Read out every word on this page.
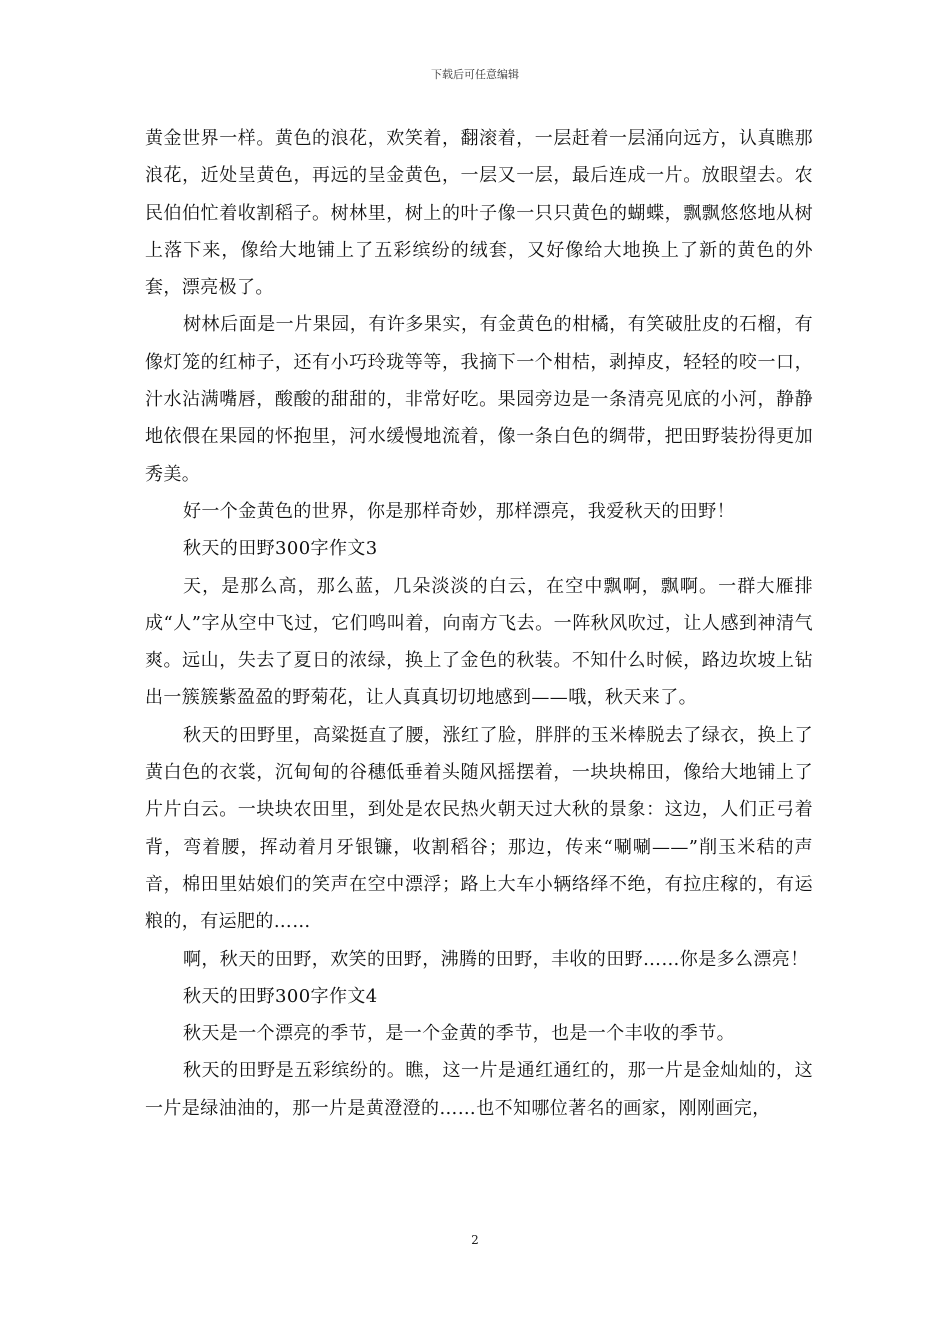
下载后可任意编辑

黄金世界一样。黄色的浪花，欢笑着，翻滚着，一层赶着一层涌向远方，认真瞧那浪花，近处呈黄色，再远的呈金黄色，一层又一层，最后连成一片。放眼望去。农民伯伯忙着收割稻子。树林里，树上的叶子像一只只黄色的蝴蝶，飘飘悠悠地从树上落下来，像给大地铺上了五彩缤纷的绒套，又好像给大地换上了新的黄色的外套，漂亮极了。

树林后面是一片果园，有许多果实，有金黄色的柑橘，有笑破肚皮的石榴，有像灯笼的红柿子，还有小巧玲珑等等，我摘下一个柑桔，剥掉皮，轻轻的咬一口，汁水沾满嘴唇，酸酸的甜甜的，非常好吃。果园旁边是一条清亮见底的小河，静静地依偎在果园的怀抱里，河水缓慢地流着，像一条白色的绸带，把田野装扮得更加秀美。

好一个金黄色的世界，你是那样奇妙，那样漂亮，我爱秋天的田野！

秋天的田野300字作文3

天，是那么高，那么蓝，几朵淡淡的白云，在空中飘啊，飘啊。一群大雁排成“人”字从空中飞过，它们鸣叫着，向南方飞去。一阵秋风吹过，让人感到神清气爽。远山，失去了夏日的浓绿，换上了金色的秋装。不知什么时候，路边坎坡上钻出一簇簇紫盈盈的野菊花，让人真真切切地感到——哦，秋天来了。

秋天的田野里，高粱挺直了腰，涨红了脸，胖胖的玉米棒脱去了绿衣，换上了黄白色的衣裳，沉甸甸的谷穗低垂着头随风摇摆着，一块块棉田，像给大地铺上了片片白云。一块块农田里，到处是农民热火朝天过大秋的景象：这边，人们正弓着背，弯着腰，挥动着月牙银镰，收割稻谷；那边，传来“唰唰——”削玉米秸的声音，棉田里姑娘们的笑声在空中漂浮；路上大车小辆络绎不绝，有拉庄稼的，有运粮的，有运肥的……

啊，秋天的田野，欢笑的田野，沸腾的田野，丰收的田野……你是多么漂亮！

秋天的田野300字作文4

秋天是一个漂亮的季节，是一个金黄的季节，也是一个丰收的季节。

秋天的田野是五彩缤纷的。瞧，这一片是通红通红的，那一片是金灿灿的，这一片是绿油油的，那一片是黄澄澄的……也不知哪位著名的画家，刚刚画完，

2
